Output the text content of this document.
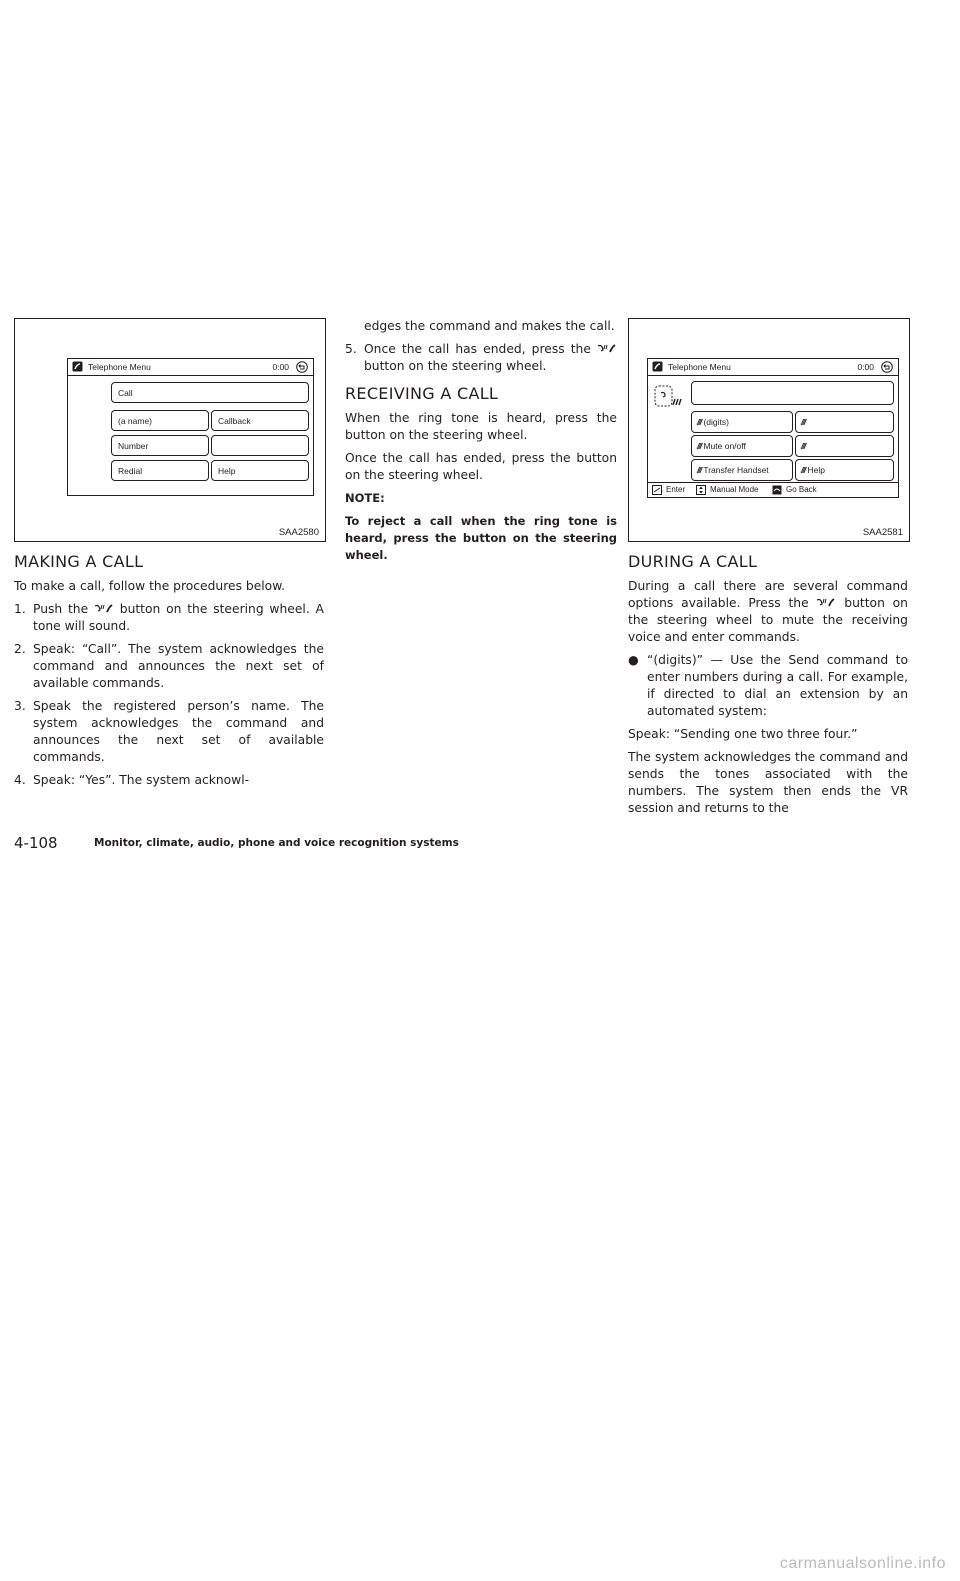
Telephone Menu	0:00
Call
(a name)	Callback
Number
Redial	Help
SAA2580
Telephone Menu	0:00
/// (digits)	///
/// Mute on/off	///
/// Transfer Handset	/// Help
Enter	Manual Mode	Go Back
SAA2581
MAKING A CALL

To make a call, follow the procedures below.

1. Push the	button on the steering wheel. A tone will sound.
2. Speak: “Call”. The system acknowledges the command and announces the next set of available commands.
3. Speak the registered person’s name. The system acknowledges the command and announces the next set of available commands.
4. Speak: “Yes”. The system acknowl-
edges the command and makes the call.
5. Once the call has ended, press the  button on the steering wheel.
RECEIVING A CALL

When the ring tone is heard, press the button on the steering wheel.

Once the call has ended, press the button on the steering wheel.

NOTE:

To reject a call when the ring tone is heard, press the button on the steering wheel.	DURING A CALL

During a call there are several command options available. Press the	button on the steering wheel to mute the receiving voice and enter commands.

● “(digits)” — Use the Send command to enter numbers during a call. For example, if directed to dial an extension by an automated system:

Speak: “Sending one two three four.”

The system acknowledges the command and sends the tones associated with the numbers. The system then ends the VR session and returns to the

4-108	Monitor, climate, audio, phone and voice recognition systems
carmanualsonline.info
